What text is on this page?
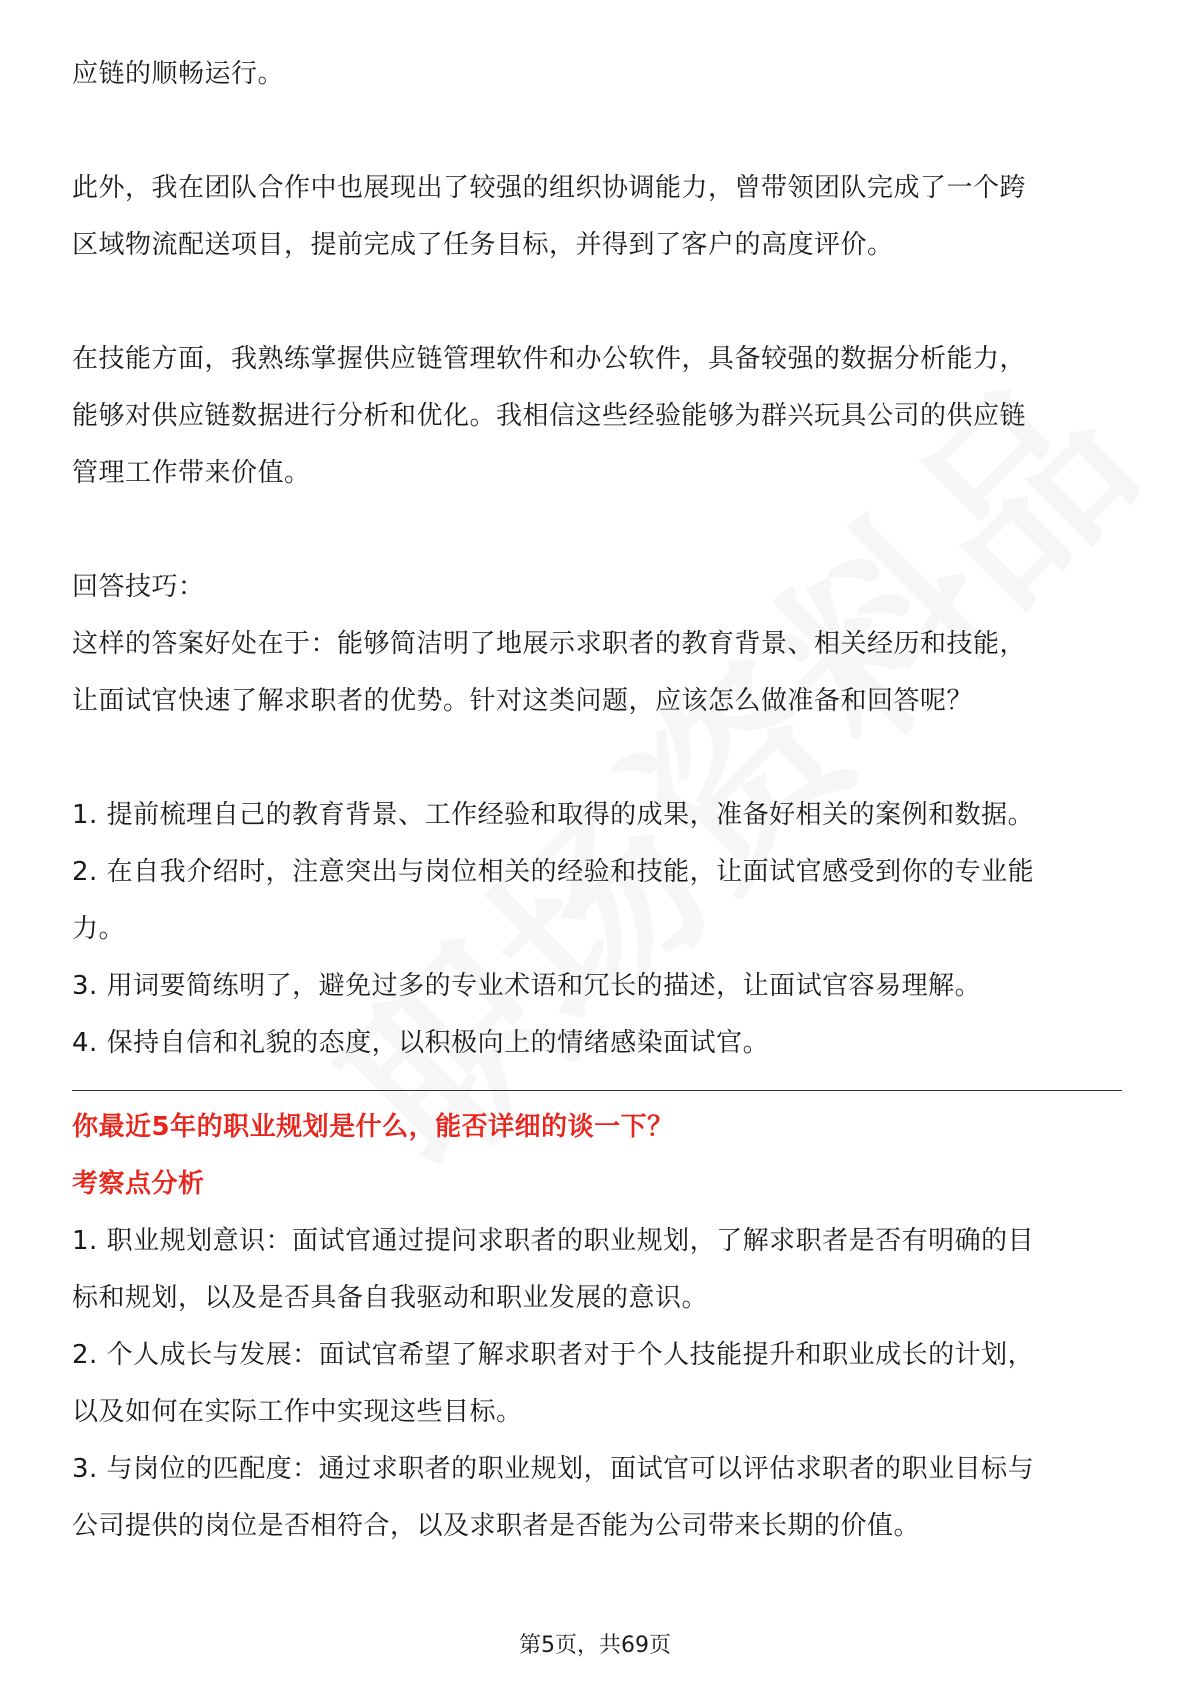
应链的顺畅运行。

此外，我在团队合作中也展现出了较强的组织协调能力，曾带领团队完成了一个跨

区域物流配送项目，提前完成了任务目标，并得到了客户的高度评价。

在技能方面，我熟练掌握供应链管理软件和办公软件，具备较强的数据分析能力，

能够对供应链数据进行分析和优化。我相信这些经验能够为群兴玩具公司的供应链

管理工作带来价值。

回答技巧：

这样的答案好处在于：能够简洁明了地展示求职者的教育背景、相关经历和技能，

让面试官快速了解求职者的优势。针对这类问题，应该怎么做准备和回答呢？

1. 提前梳理自己的教育背景、工作经验和取得的成果，准备好相关的案例和数据。

2. 在自我介绍时，注意突出与岗位相关的经验和技能，让面试官感受到你的专业能

力。

3. 用词要简练明了，避免过多的专业术语和冗长的描述，让面试官容易理解。

4. 保持自信和礼貌的态度，以积极向上的情绪感染面试官。

你最近5年的职业规划是什么，能否详细的谈一下？

考察点分析

1. 职业规划意识：面试官通过提问求职者的职业规划，了解求职者是否有明确的目

标和规划，以及是否具备自我驱动和职业发展的意识。

2. 个人成长与发展：面试官希望了解求职者对于个人技能提升和职业成长的计划，

以及如何在实际工作中实现这些目标。

3. 与岗位的匹配度：通过求职者的职业规划，面试官可以评估求职者的职业目标与

公司提供的岗位是否相符合，以及求职者是否能为公司带来长期的价值。

第5页，共69页
